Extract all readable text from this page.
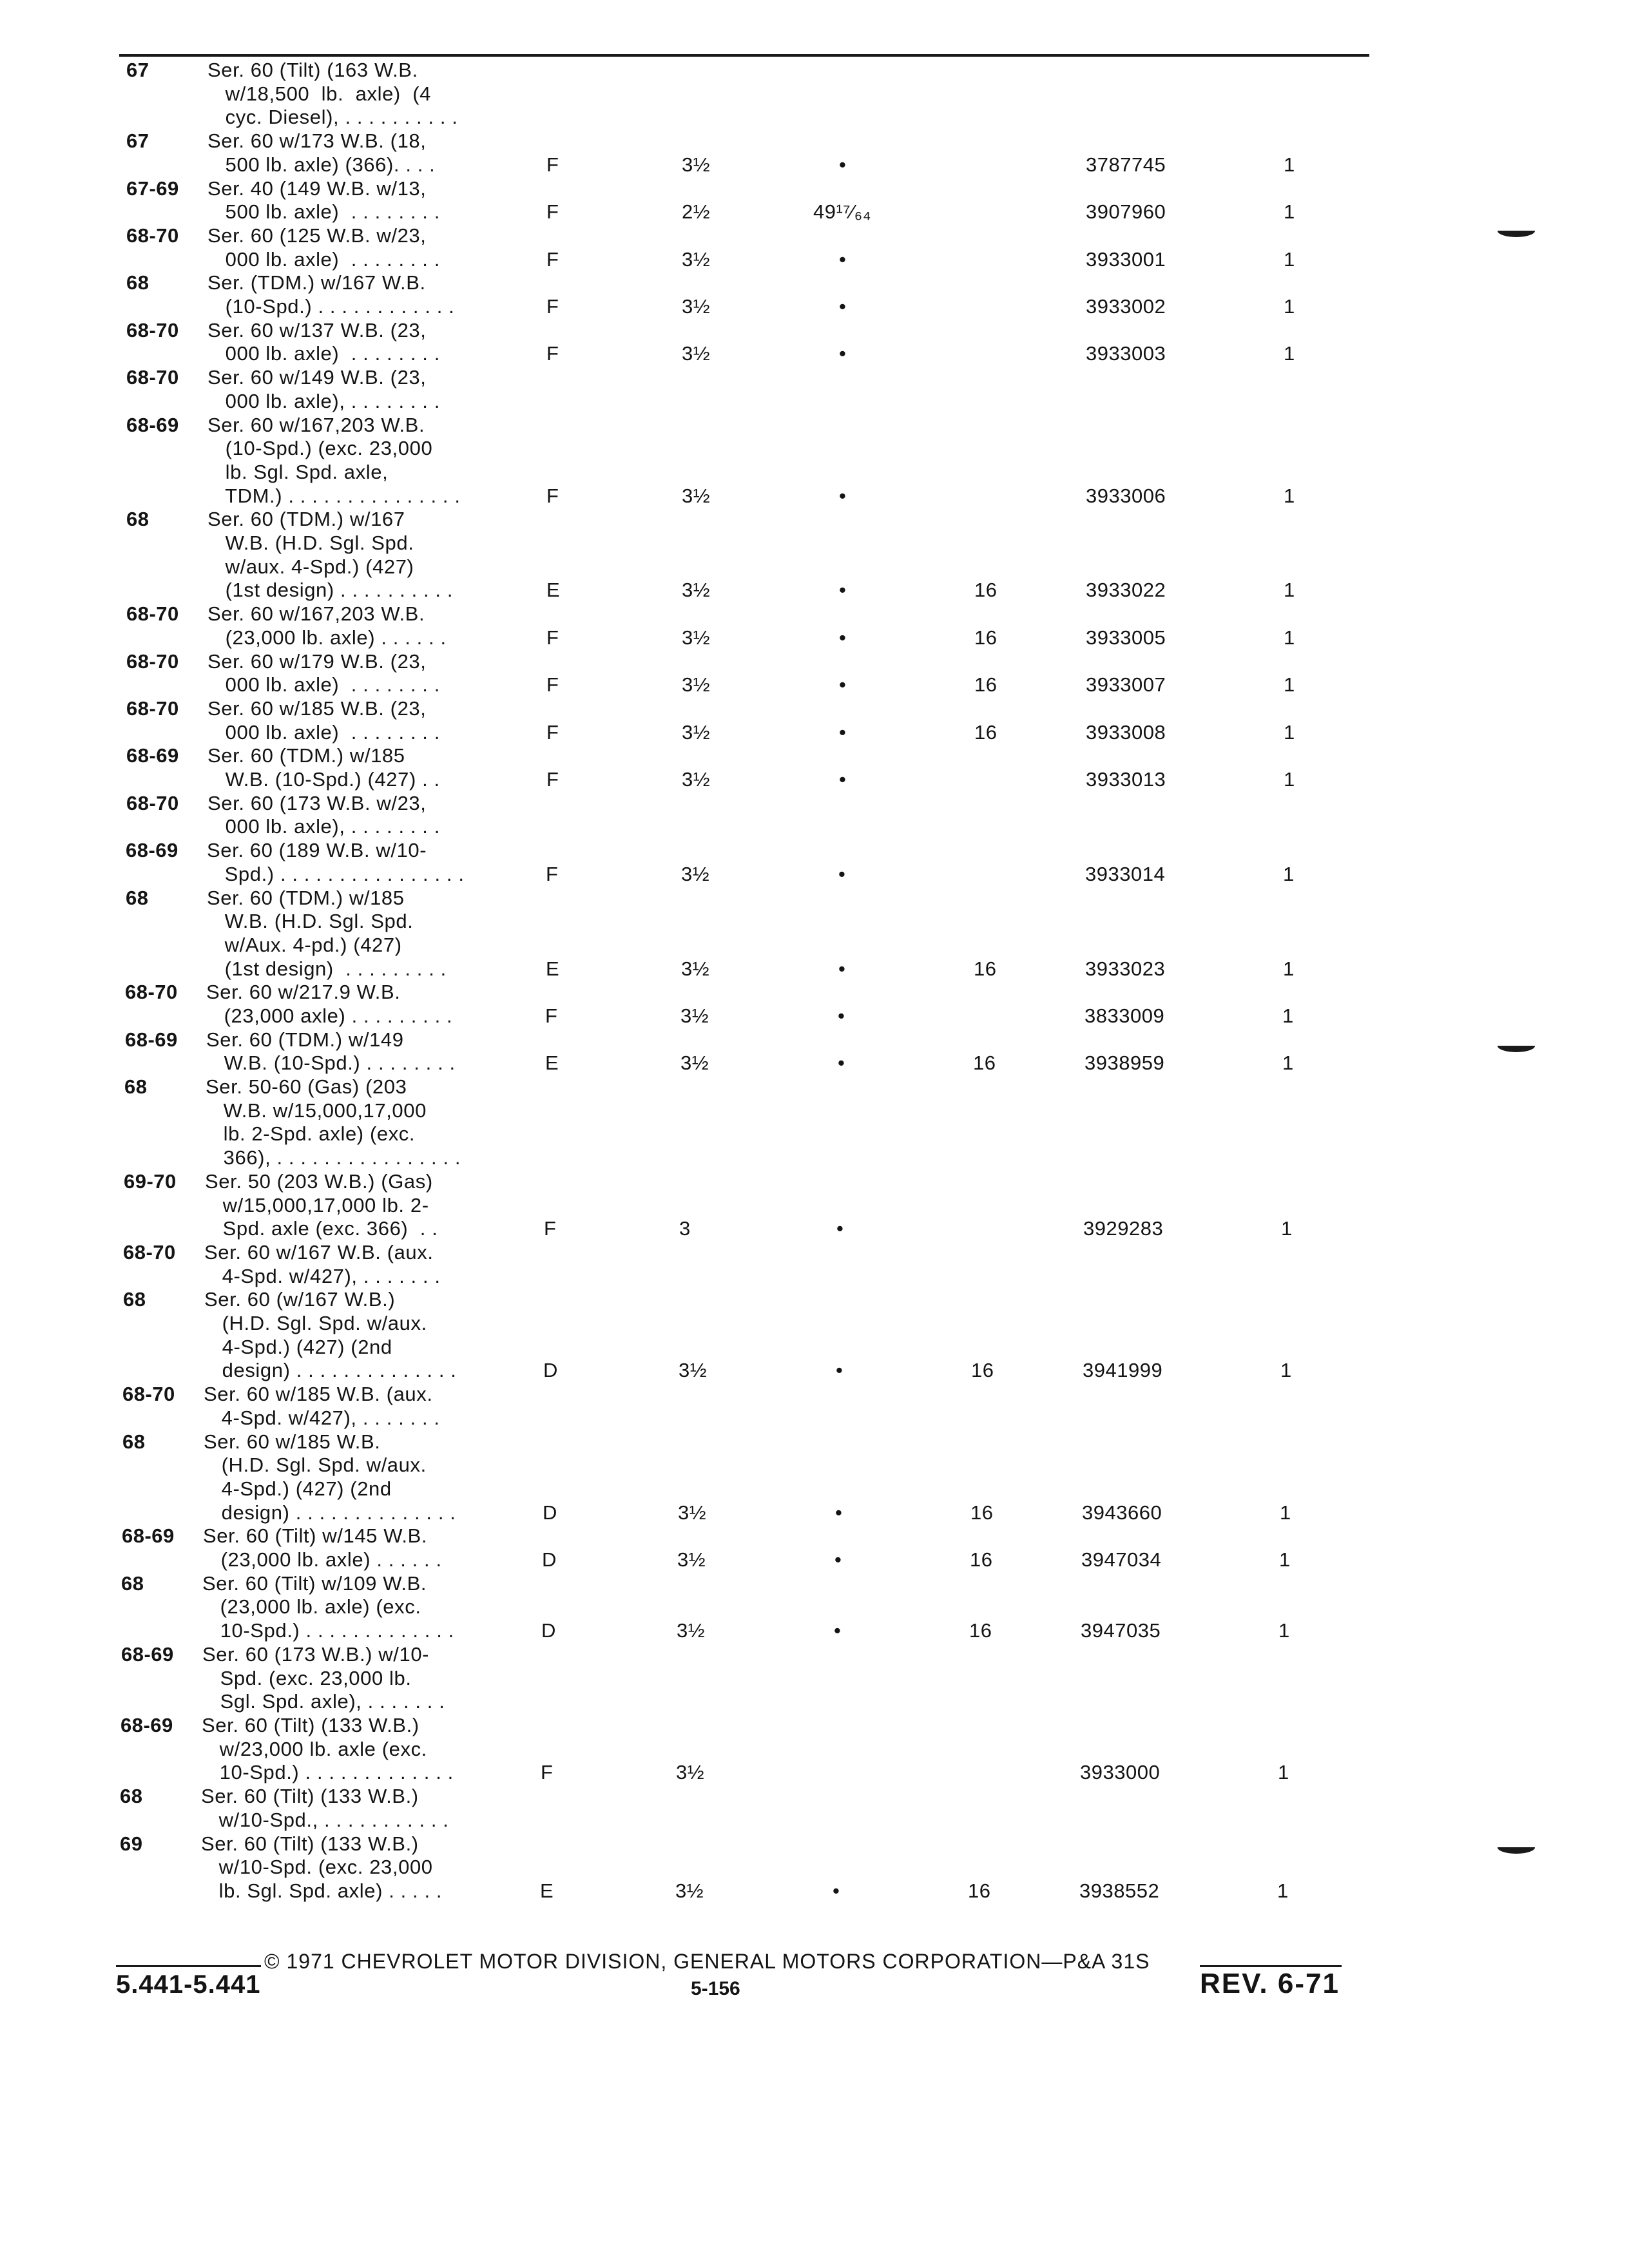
67	Ser. 60 (Tilt) (163 W.B.
w/18,500  lb.  axle)  (4
cyc. Diesel), . . . . . . . . . .
67	Ser. 60 w/173 W.B. (18,
500 lb. axle) (366). . . .	F	3½	•	3787745	1
67-69 Ser. 40 (149 W.B. w/13,
500 lb. axle)  . . . . . . . .	F	2½	49¹⁷⁄₆₄	3907960	1
68-70 Ser. 60 (125 W.B. w/23,
000 lb. axle)  . . . . . . . .	F	3½	•	3933001	1
68	Ser. (TDM.) w/167 W.B.
(10-Spd.) . . . . . . . . . . . .	F	3½	•	3933002	1
68-70 Ser. 60 w/137 W.B. (23,
000 lb. axle)  . . . . . . . .	F	3½	•	3933003	1
68-70 Ser. 60 w/149 W.B. (23,
000 lb. axle), . . . . . . . .
68-69 Ser. 60 w/167,203 W.B.
(10-Spd.) (exc. 23,000
lb. Sgl. Spd. axle,
TDM.) . . . . . . . . . . . . . . .	F	3½	•	3933006	1
68	Ser. 60 (TDM.) w/167
W.B. (H.D. Sgl. Spd.
w/aux. 4-Spd.) (427)
(1st design) . . . . . . . . . .	E	3½	•	16	3933022	1
68-70 Ser. 60 w/167,203 W.B.
(23,000 lb. axle) . . . . . .	F	3½	•	16	3933005	1
68-70 Ser. 60 w/179 W.B. (23,
000 lb. axle)  . . . . . . . .	F	3½	•	16	3933007	1
68-70 Ser. 60 w/185 W.B. (23,
000 lb. axle)  . . . . . . . .	F	3½	•	16	3933008	1
68-69 Ser. 60 (TDM.) w/185
W.B. (10-Spd.) (427) . .	F	3½	•	3933013	1
68-70 Ser. 60 (173 W.B. w/23,
000 lb. axle), . . . . . . . .
68-69 Ser. 60 (189 W.B. w/10-
Spd.) . . . . . . . . . . . . . . . .	F	3½	•	3933014	1
68	Ser. 60 (TDM.) w/185
W.B. (H.D. Sgl. Spd.
w/Aux. 4-pd.) (427)
(1st design)  . . . . . . . . .	E	3½	•	16	3933023	1
68-70 Ser. 60 w/217.9 W.B.
(23,000 axle) . . . . . . . . .	F	3½	•	3833009	1
68-69 Ser. 60 (TDM.) w/149
W.B. (10-Spd.) . . . . . . . .	E	3½	•	16	3938959	1
68	Ser. 50-60 (Gas) (203
W.B. w/15,000,17,000
lb. 2-Spd. axle) (exc.
366), . . . . . . . . . . . . . . . .
69-70 Ser. 50 (203 W.B.) (Gas)
w/15,000,17,000 lb. 2-
Spd. axle (exc. 366)  . .	F	3	•	3929283	1
68-70 Ser. 60 w/167 W.B. (aux.
4-Spd. w/427), . . . . . . .
68	Ser. 60 (w/167 W.B.)
(H.D. Sgl. Spd. w/aux.
4-Spd.) (427) (2nd
design) . . . . . . . . . . . . . .	D	3½	•	16	3941999	1
68-70 Ser. 60 w/185 W.B. (aux.
4-Spd. w/427), . . . . . . .
68	Ser. 60 w/185 W.B.
(H.D. Sgl. Spd. w/aux.
4-Spd.) (427) (2nd
design) . . . . . . . . . . . . . .	D	3½	•	16	3943660	1
68-69 Ser. 60 (Tilt) w/145 W.B.
(23,000 lb. axle) . . . . . .	D	3½	•	16	3947034	1
68	Ser. 60 (Tilt) w/109 W.B.
(23,000 lb. axle) (exc.
10-Spd.) . . . . . . . . . . . . .	D	3½	•	16	3947035	1
68-69 Ser. 60 (173 W.B.) w/10-
Spd. (exc. 23,000 lb.
Sgl. Spd. axle), . . . . . . .
68-69 Ser. 60 (Tilt) (133 W.B.)
w/23,000 lb. axle (exc.
10-Spd.) . . . . . . . . . . . . .	F	3½	3933000	1
68	Ser. 60 (Tilt) (133 W.B.)
w/10-Spd., . . . . . . . . . . .
69	Ser. 60 (Tilt) (133 W.B.)
w/10-Spd. (exc. 23,000
lb. Sgl. Spd. axle) . . . . .	E	3½	•	16	3938552	1
© 1971 CHEVROLET MOTOR DIVISION, GENERAL MOTORS CORPORATION—P&A 31S
5.441-5.441	5-156	REV. 6-71
